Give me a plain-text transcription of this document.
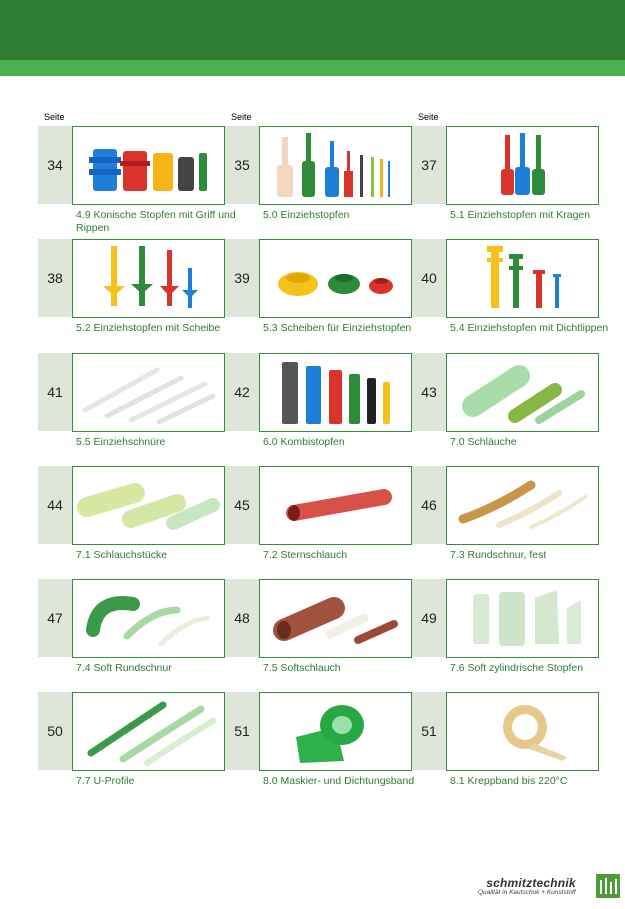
Seite	Seite	Seite
34
4.9 Konische Stopfen mit Griff und Rippen
35
5.0 Einziehstopfen
37
5.1 Einziehstopfen mit Kragen
38
5.2 Einziehstopfen mit Scheibe
39
5.3 Scheiben für Einziehstopfen
40
5.4 Einziehstopfen mit Dichtlippen
41
5.5 Einziehschnüre
42
6.0 Kombistopfen
43
7.0 Schläuche
44
7.1 Schlauchstücke
45
7.2 Sternschlauch
46
7.3 Rundschnur, fest
47
7.4 Soft Rundschnur
48
7.5 Softschlauch
49
7.6 Soft zylindrische Stopfen
50
7.7 U-Profile
51
8.0 Maskier- und Dichtungsband
51
8.1 Kreppband bis 220°C
schmitztechnik
Qualität in Kautschuk + Kunststoff
